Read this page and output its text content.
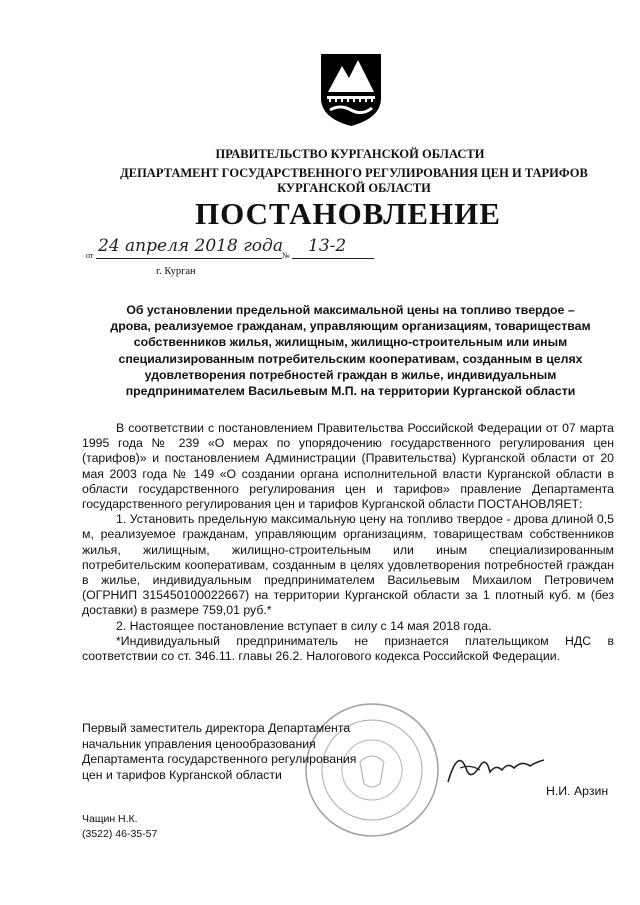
ПРАВИТЕЛЬСТВО КУРГАНСКОЙ ОБЛАСТИ
ДЕПАРТАМЕНТ ГОСУДАРСТВЕННОГО РЕГУЛИРОВАНИЯ ЦЕН И ТАРИФОВ
КУРГАНСКОЙ ОБЛАСТИ
ПОСТАНОВЛЕНИЕ
от 24 апреля 2018 года № 13-2
г. Курган
Об установлении предельной максимальной цены на топливо твердое –
дрова, реализуемое гражданам, управляющим организациям, товариществам
собственников жилья, жилищным, жилищно-строительным или иным
специализированным потребительским кооперативам, созданным в целях
удовлетворения потребностей граждан в жилье, индивидуальным
предпринимателем Васильевым М.П. на территории Курганской области

В соответствии с постановлением Правительства Российской Федерации от 07 марта 1995 года № 239 «О мерах по упорядочению государственного регулирования цен (тарифов)» и постановлением Администрации (Правительства) Курганской области от 20 мая 2003 года № 149 «О создании органа исполнительной власти Курганской области в области государственного регулирования цен и тарифов» правление Департамента государственного регулирования цен и тарифов Курганской области ПОСТАНОВЛЯЕТ:

1. Установить предельную максимальную цену на топливо твердое - дрова длиной 0,5 м, реализуемое гражданам, управляющим организациям, товариществам собственников жилья, жилищным, жилищно-строительным или иным специализированным потребительским кооперативам, созданным в целях удовлетворения потребностей граждан в жилье, индивидуальным предпринимателем Васильевым Михаилом Петровичем (ОГРНИП 315450100022667) на территории Курганской области за 1 плотный куб. м (без доставки) в размере 759,01 руб.*

2. Настоящее постановление вступает в силу с 14 мая 2018 года.

*Индивидуальный предприниматель не признается плательщиком НДС в соответствии со ст. 346.11. главы 26.2. Налогового кодекса Российской Федерации.

Первый заместитель директора Департамента
начальник управления ценообразования
Департамента государственного регулирования
цен и тарифов Курганской области
Н.И. Арзин
Чащин Н.К.
(3522) 46-35-57
